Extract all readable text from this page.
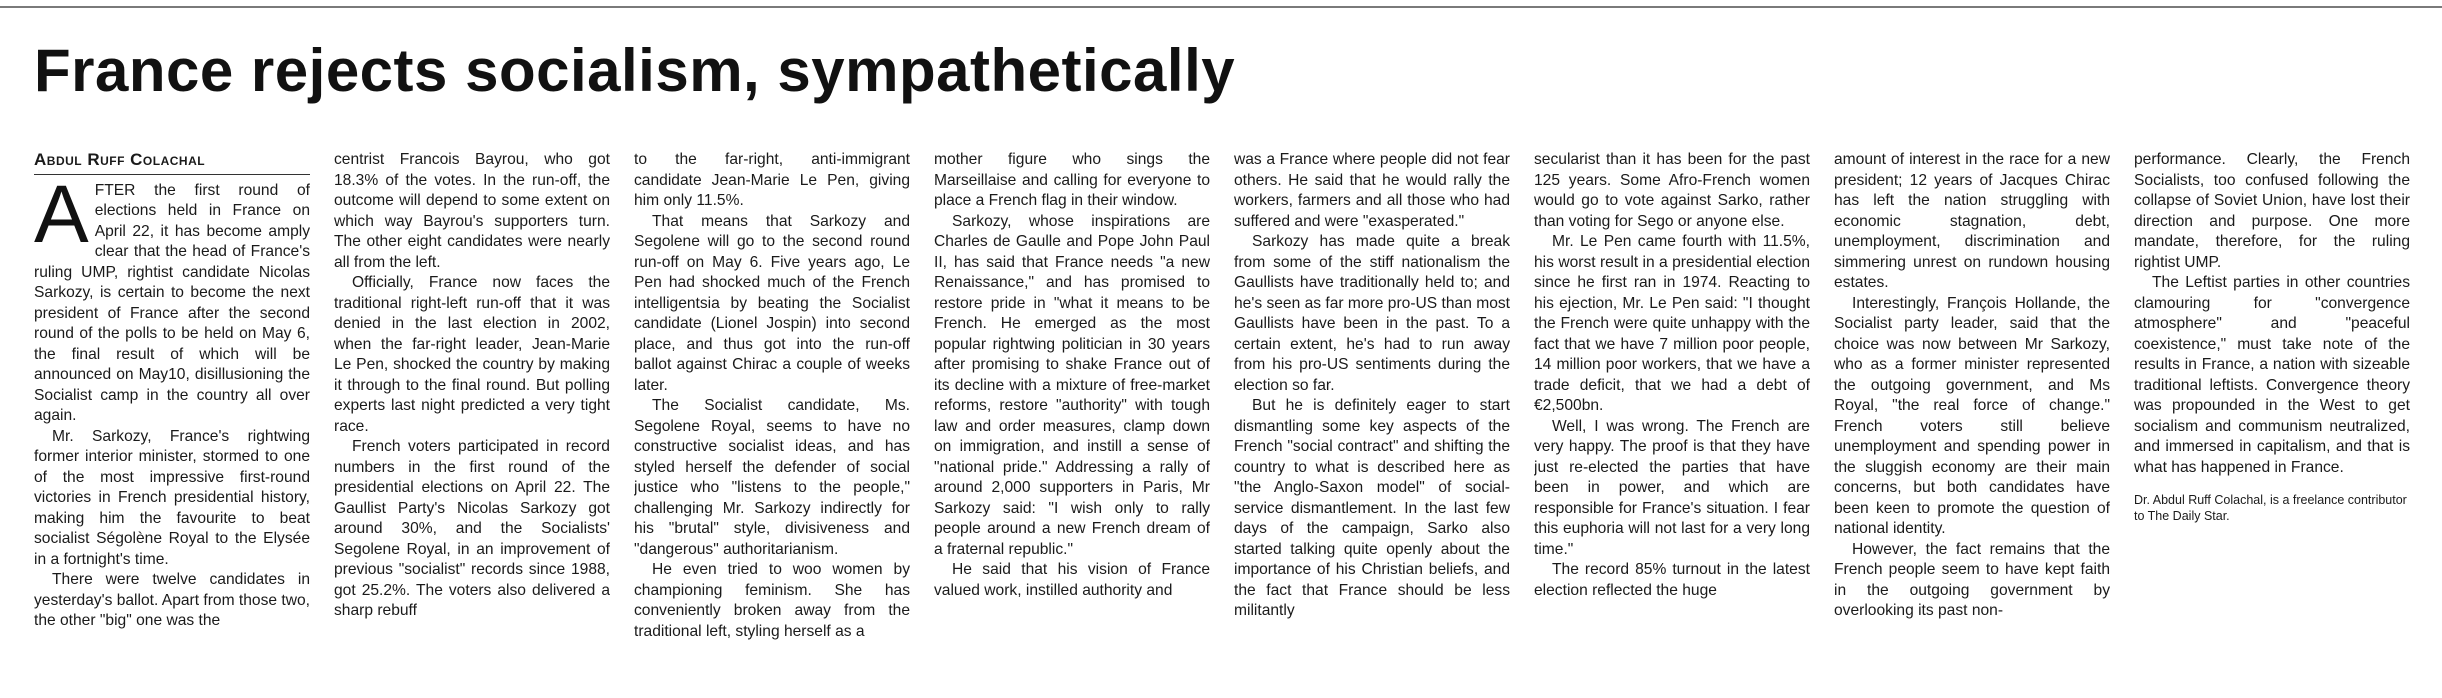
France rejects socialism, sympathetically
Abdul Ruff Colachal

AFTER the first round of elections held in France on April 22, it has become amply clear that the head of France's ruling UMP, rightist candidate Nicolas Sarkozy, is certain to become the next president of France after the second round of the polls to be held on May 6, the final result of which will be announced on May10, disillusioning the Socialist camp in the country all over again.

Mr. Sarkozy, France's rightwing former interior minister, stormed to one of the most impressive first-round victories in French presidential history, making him the favourite to beat socialist Ségolène Royal to the Elysée in a fortnight's time.

There were twelve candidates in yesterday's ballot. Apart from those two, the other "big" one was the

centrist Francois Bayrou, who got 18.3% of the votes. In the run-off, the outcome will depend to some extent on which way Bayrou's supporters turn. The other eight candidates were nearly all from the left.

Officially, France now faces the traditional right-left run-off that it was denied in the last election in 2002, when the far-right leader, Jean-Marie Le Pen, shocked the country by making it through to the final round. But polling experts last night predicted a very tight race.

French voters participated in record numbers in the first round of the presidential elections on April 22. The Gaullist Party's Nicolas Sarkozy got around 30%, and the Socialists' Segolene Royal, in an improvement of previous "socialist" records since 1988, got 25.2%. The voters also delivered a sharp rebuff

to the far-right, anti-immigrant candidate Jean-Marie Le Pen, giving him only 11.5%.

That means that Sarkozy and Segolene will go to the second round run-off on May 6. Five years ago, Le Pen had shocked much of the French intelligentsia by beating the Socialist candidate (Lionel Jospin) into second place, and thus got into the run-off ballot against Chirac a couple of weeks later.

The Socialist candidate, Ms. Segolene Royal, seems to have no constructive socialist ideas, and has styled herself the defender of social justice who "listens to the people," challenging Mr. Sarkozy indirectly for his "brutal" style, divisiveness and "dangerous" authoritarianism.

He even tried to woo women by championing feminism. She has conveniently broken away from the traditional left, styling herself as a

mother figure who sings the Marseillaise and calling for everyone to place a French flag in their window.

Sarkozy, whose inspirations are Charles de Gaulle and Pope John Paul II, has said that France needs "a new Renaissance," and has promised to restore pride in "what it means to be French. He emerged as the most popular rightwing politician in 30 years after promising to shake France out of its decline with a mixture of free-market reforms, restore "authority" with tough law and order measures, clamp down on immigration, and instill a sense of "national pride." Addressing a rally of around 2,000 supporters in Paris, Mr Sarkozy said: "I wish only to rally people around a new French dream of a fraternal republic."

He said that his vision of France valued work, instilled authority and

was a France where people did not fear others. He said that he would rally the workers, farmers and all those who had suffered and were "exasperated."

Sarkozy has made quite a break from some of the stiff nationalism the Gaullists have traditionally held to; and he's seen as far more pro-US than most Gaullists have been in the past. To a certain extent, he's had to run away from his pro-US sentiments during the election so far.

But he is definitely eager to start dismantling some key aspects of the French "social contract" and shifting the country to what is described here as "the Anglo-Saxon model" of social-service dismantlement. In the last few days of the campaign, Sarko also started talking quite openly about the importance of his Christian beliefs, and the fact that France should be less militantly

secularist than it has been for the past 125 years. Some Afro-French women would go to vote against Sarko, rather than voting for Sego or anyone else.

Mr. Le Pen came fourth with 11.5%, his worst result in a presidential election since he first ran in 1974. Reacting to his ejection, Mr. Le Pen said: "I thought the French were quite unhappy with the fact that we have 7 million poor people, 14 million poor workers, that we have a trade deficit, that we had a debt of €2,500bn.

Well, I was wrong. The French are very happy. The proof is that they have just re-elected the parties that have been in power, and which are responsible for France's situation. I fear this euphoria will not last for a very long time."

The record 85% turnout in the latest election reflected the huge

amount of interest in the race for a new president; 12 years of Jacques Chirac has left the nation struggling with economic stagnation, debt, unemployment, discrimination and simmering unrest on rundown housing estates.

Interestingly, François Hollande, the Socialist party leader, said that the choice was now between Mr Sarkozy, who as a former minister represented the outgoing government, and Ms Royal, "the real force of change." French voters still believe unemployment and spending power in the sluggish economy are their main concerns, but both candidates have been keen to promote the question of national identity.

However, the fact remains that the French people seem to have kept faith in the outgoing government by overlooking its past non-

performance. Clearly, the French Socialists, too confused following the collapse of Soviet Union, have lost their direction and purpose. One more mandate, therefore, for the ruling rightist UMP.

The Leftist parties in other countries clamouring for "convergence atmosphere" and "peaceful coexistence," must take note of the results in France, a nation with sizeable traditional leftists. Convergence theory was propounded in the West to get socialism and communism neutralized, and immersed in capitalism, and that is what has happened in France.

Dr. Abdul Ruff Colachal, is a freelance contributor to The Daily Star.
